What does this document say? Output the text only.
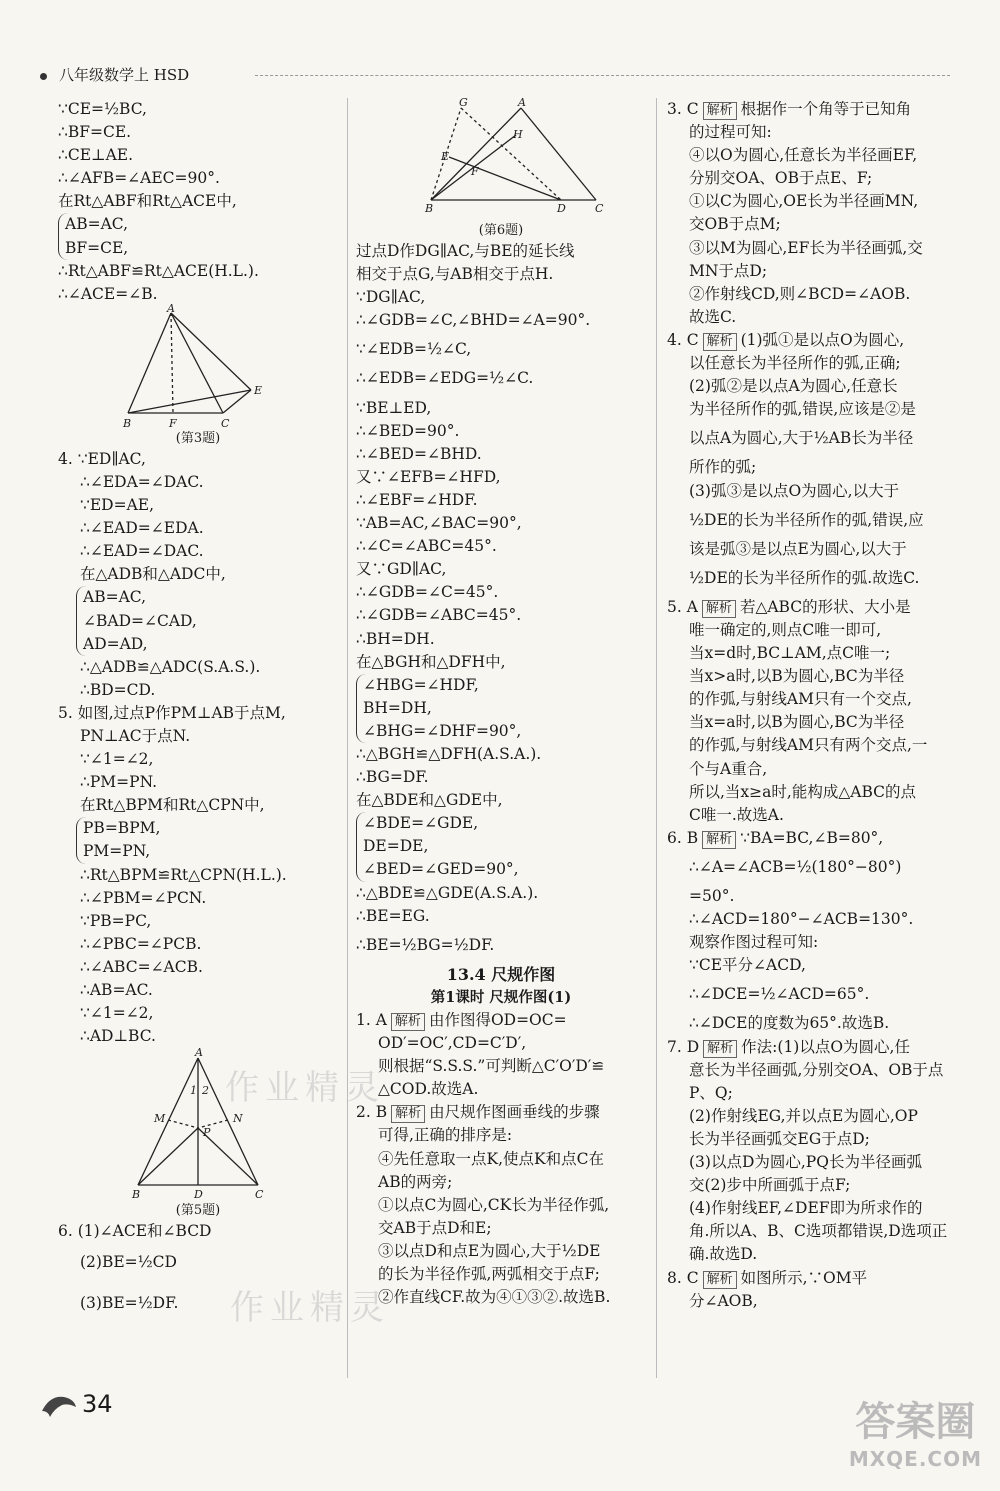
八年级数学上 HSD
∵CE=½BC,
∴BF=CE.
∴CE⊥AE.
∴∠AFB=∠AEC=90°.
在Rt△ABF和Rt△ACE中,
AB=AC,
BF=CE,
∴Rt△ABF≌Rt△ACE(H.L.).
∴∠ACE=∠B.
A
B	F	C
E
(第3题)
4. ∵ED∥AC,
∴∠EDA=∠DAC.
∵ED=AE,
∴∠EAD=∠EDA.
∴∠EAD=∠DAC.
在△ADB和△ADC中,
AB=AC,
∠BAD=∠CAD,
AD=AD,
∴△ADB≌△ADC(S.A.S.).
∴BD=CD.
5. 如图,过点P作PM⊥AB于点M,
PN⊥AC于点N.
∵∠1=∠2,
∴PM=PN.
在Rt△BPM和Rt△CPN中,
PB=BPM,
PM=PN,
∴Rt△BPM≌Rt△CPN(H.L.).
∴∠PBM=∠PCN.
∵PB=PC,
∴∠PBC=∠PCB.
∴∠ABC=∠ACB.
∴AB=AC.
∵∠1=∠2,
∴AD⊥BC.
A
M	N
P
B	D	C
1 2
(第5题)
6. (1)∠ACE和∠BCD
(2)BE=½CD
(3)BE=½DF.
G	A
H
E
F
B	D	C
(第6题)
过点D作DG∥AC,与BE的延长线
相交于点G,与AB相交于点H.
∵DG∥AC,
∴∠GDB=∠C,∠BHD=∠A=90°.
∵∠EDB=½∠C,
∴∠EDB=∠EDG=½∠C.
∵BE⊥ED,
∴∠BED=90°.
∴∠BED=∠BHD.
又∵∠EFB=∠HFD,
∴∠EBF=∠HDF.
∵AB=AC,∠BAC=90°,
∴∠C=∠ABC=45°.
又∵GD∥AC,
∴∠GDB=∠C=45°.
∴∠GDB=∠ABC=45°.
∴BH=DH.
在△BGH和△DFH中,
∠HBG=∠HDF,
BH=DH,
∠BHG=∠DHF=90°,
∴△BGH≌△DFH(A.S.A.).
∴BG=DF.
在△BDE和△GDE中,
∠BDE=∠GDE,
DE=DE,
∠BED=∠GED=90°,
∴△BDE≌△GDE(A.S.A.).
∴BE=EG.
∴BE=½BG=½DF.
13.4 尺规作图
第1课时 尺规作图(1)
1. A 解析 由作图得OD=OC=
OD′=OC′,CD=C′D′,
则根据“S.S.S.”可判断△C′O′D′≌
△COD.故选A.
2. B 解析 由尺规作图画垂线的步骤
可得,正确的排序是:
④先任意取一点K,使点K和点C在
AB的两旁;
①以点C为圆心,CK长为半径作弧,
交AB于点D和E;
③以点D和点E为圆心,大于½DE
的长为半径作弧,两弧相交于点F;
②作直线CF.故为④①③②.故选B.
3. C 解析 根据作一个角等于已知角
的过程可知:
④以O为圆心,任意长为半径画EF,
分别交OA、OB于点E、F;
①以C为圆心,OE长为半径画MN,
交OB于点M;
③以M为圆心,EF长为半径画弧,交
MN于点D;
②作射线CD,则∠BCD=∠AOB.
故选C.
4. C 解析 (1)弧①是以点O为圆心,
以任意长为半径所作的弧,正确;
(2)弧②是以点A为圆心,任意长
为半径所作的弧,错误,应该是②是
以点A为圆心,大于½AB长为半径
所作的弧;
(3)弧③是以点O为圆心,以大于
½DE的长为半径所作的弧,错误,应
该是弧③是以点E为圆心,以大于
½DE的长为半径所作的弧.故选C.
5. A 解析 若△ABC的形状、大小是
唯一确定的,则点C唯一即可,
当x=d时,BC⊥AM,点C唯一;
当x>a时,以B为圆心,BC为半径
的作弧,与射线AM只有一个交点,
当x=a时,以B为圆心,BC为半径
的作弧,与射线AM只有两个交点,一
个与A重合,
所以,当x≥a时,能构成△ABC的点
C唯一.故选A.
6. B 解析 ∵BA=BC,∠B=80°,
∴∠A=∠ACB=½(180°−80°)
=50°.
∴∠ACD=180°−∠ACB=130°.
观察作图过程可知:
∵CE平分∠ACD,
∴∠DCE=½∠ACD=65°.
∴∠DCE的度数为65°.故选B.
7. D 解析 作法:(1)以点O为圆心,任
意长为半径画弧,分别交OA、OB于点
P、Q;
(2)作射线EG,并以点E为圆心,OP
长为半径画弧交EG于点D;
(3)以点D为圆心,PQ长为半径画弧
交(2)步中所画弧于点F;
(4)作射线EF,∠DEF即为所求作的
角.所以A、B、C选项都错误,D选项正
确.故选D.
8. C 解析 如图所示,∵OM平
分∠AOB,
作业精灵
作业精灵
34	答案圈
MXQE.COM
